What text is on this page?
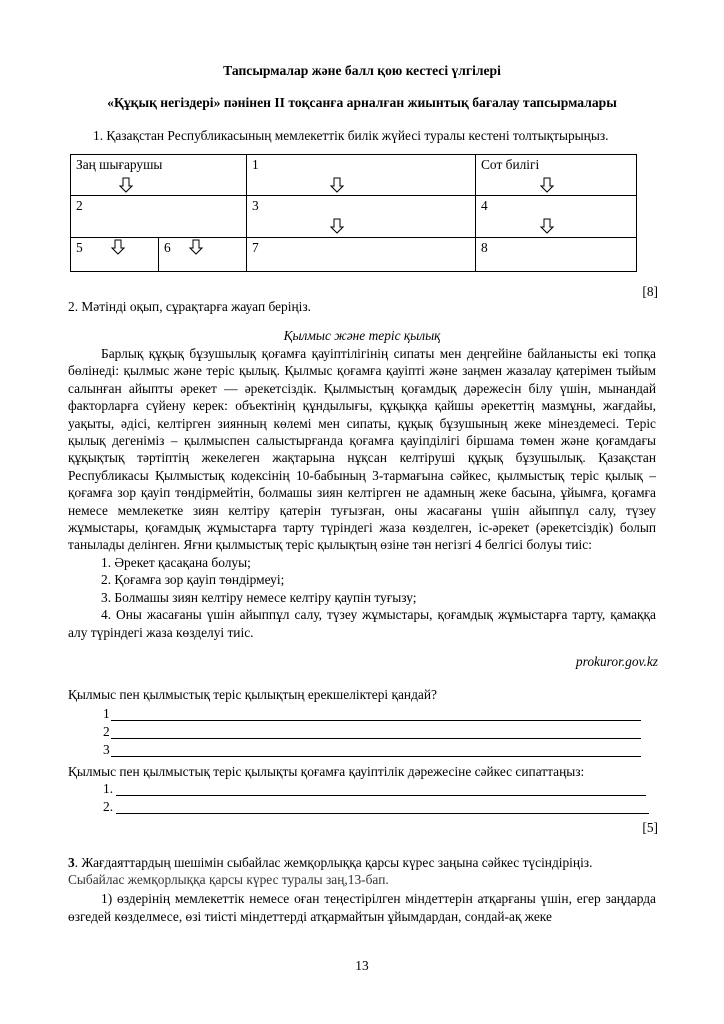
Тапсырмалар және балл қою кестесі үлгілері
«Құқық негіздері» пәнінен ІІ тоқсанға арналған жиынтық бағалау тапсырмалары
1. Қазақстан Республикасының мемлекеттік билік жүйесі туралы кестені толтықтырыңыз.
Заң шығарушы		1	Сот билігі

2		3	4

5	6	7	8
[8]
2. Мәтінді оқып, сұрақтарға жауап беріңіз.
Қылмыс және теріс қылық

Барлық құқық бұзушылық қоғамға қауіптілігінің сипаты мен деңгейіне байланысты екі топқа бөлінеді: қылмыс және теріс қылық. Қылмыс қоғамға қауіпті және заңмен жазалау қатерімен тыйым салынған айыпты әрекет — әрекетсіздік. Қылмыстың қоғамдық дәрежесін білу үшін, мынандай факторларға сүйену керек: объектінің құндылығы, құқыққа қайшы әрекеттің мазмұны, жағдайы, уақыты, әдісі, келтірген зиянның көлемі мен сипаты, құқық бұзушының жеке мінездемесі. Теріс қылық дегеніміз – қылмыспен салыстырғанда қоғамға қауіпділігі біршама төмен және қоғамдағы құқықтық тәртіптің жекелеген жақтарына нұқсан келтіруші құқық бұзушылық. Қазақстан Республикасы Қылмыстық кодексінің 10-бабының 3-тармағына сәйкес, қылмыстық теріс қылық – қоғамға зор қауіп төндірмейтін, болмашы зиян келтірген не адамның жеке басына, ұйымға, қоғамға немесе мемлекетке зиян келтіру қатерін туғызған, оны жасағаны үшін айыппұл салу, түзеу жұмыстары, қоғамдық жұмыстарға тарту түріндегі жаза көзделген, іс-әрекет (әрекетсіздік) болып танылады делінген. Яғни қылмыстық теріс қылықтың өзіне тән негізгі 4 белгісі болуы тиіс:

1. Әрекет қасақана болуы;

2. Қоғамға зор қауіп төндірмеуі;

3. Болмашы зиян келтіру немесе келтіру қаупін туғызу;

4. Оны жасағаны үшін айыппұл салу, түзеу жұмыстары, қоғамдық жұмыстарға тарту, қамаққа алу түріндегі жаза көзделуі тиіс.

prokuror.gov.kz
Қылмыс пен қылмыстық теріс қылықтың ерекшеліктері қандай?
1
2
3
Қылмыс пен қылмыстық теріс қылықты қоғамға қауіптілік дәрежесіне сәйкес сипаттаңыз:
1.
2.
[5]
3. Жағдаяттардың шешімін сыбайлас жемқорлыққа қарсы күрес заңына сәйкес түсіндіріңіз.
Сыбайлас жемқорлыққа қарсы күрес туралы заң,13-бап.

1) өздерінің мемлекеттік немесе оған теңестірілген міндеттерін атқарғаны үшін, егер заңдарда өзгедей көзделмесе, өзі тиісті міндеттерді атқармайтын ұйымдардан, сондай-ақ жеке

13
